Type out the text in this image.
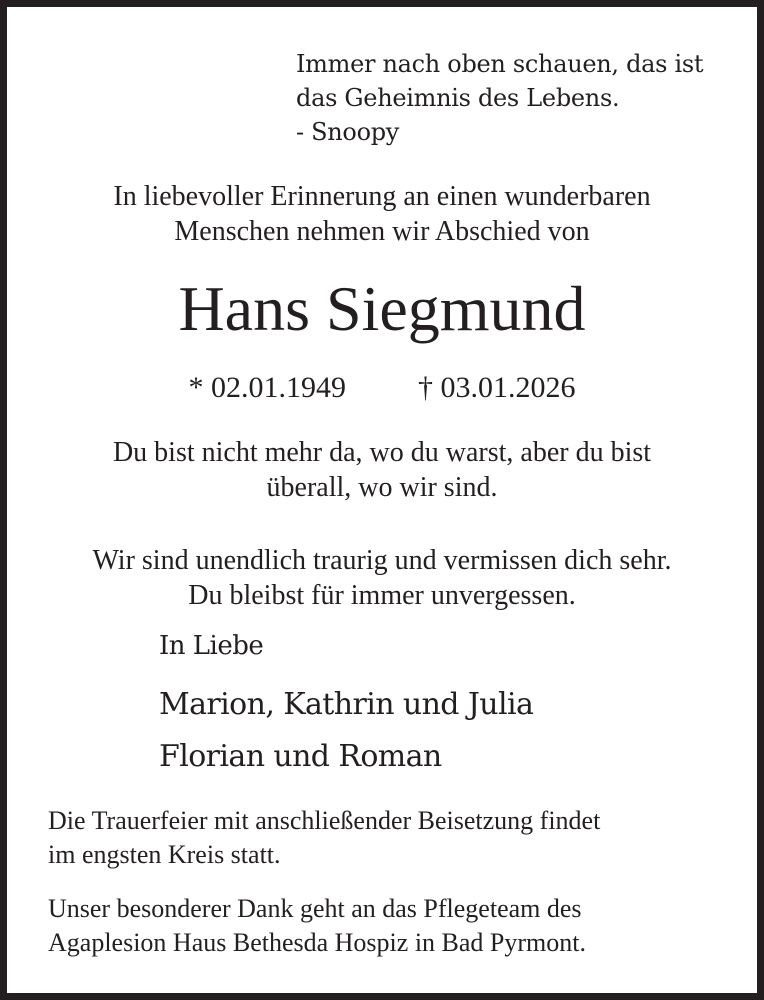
Immer nach oben schauen, das ist
das Geheimnis des Lebens.
- Snoopy
In liebevoller Erinnerung an einen wunderbaren
Menschen nehmen wir Abschied von
Hans Siegmund
* 02.01.1949 † 03.01.2026
Du bist nicht mehr da, wo du warst, aber du bist
überall, wo wir sind.
Wir sind unendlich traurig und vermissen dich sehr.
Du bleibst für immer unvergessen.
In Liebe
Marion, Kathrin und Julia
Florian und Roman
Die Trauerfeier mit anschließender Beisetzung findet
im engsten Kreis statt.
Unser besonderer Dank geht an das Pflegeteam des
Agaplesion Haus Bethesda Hospiz in Bad Pyrmont.
